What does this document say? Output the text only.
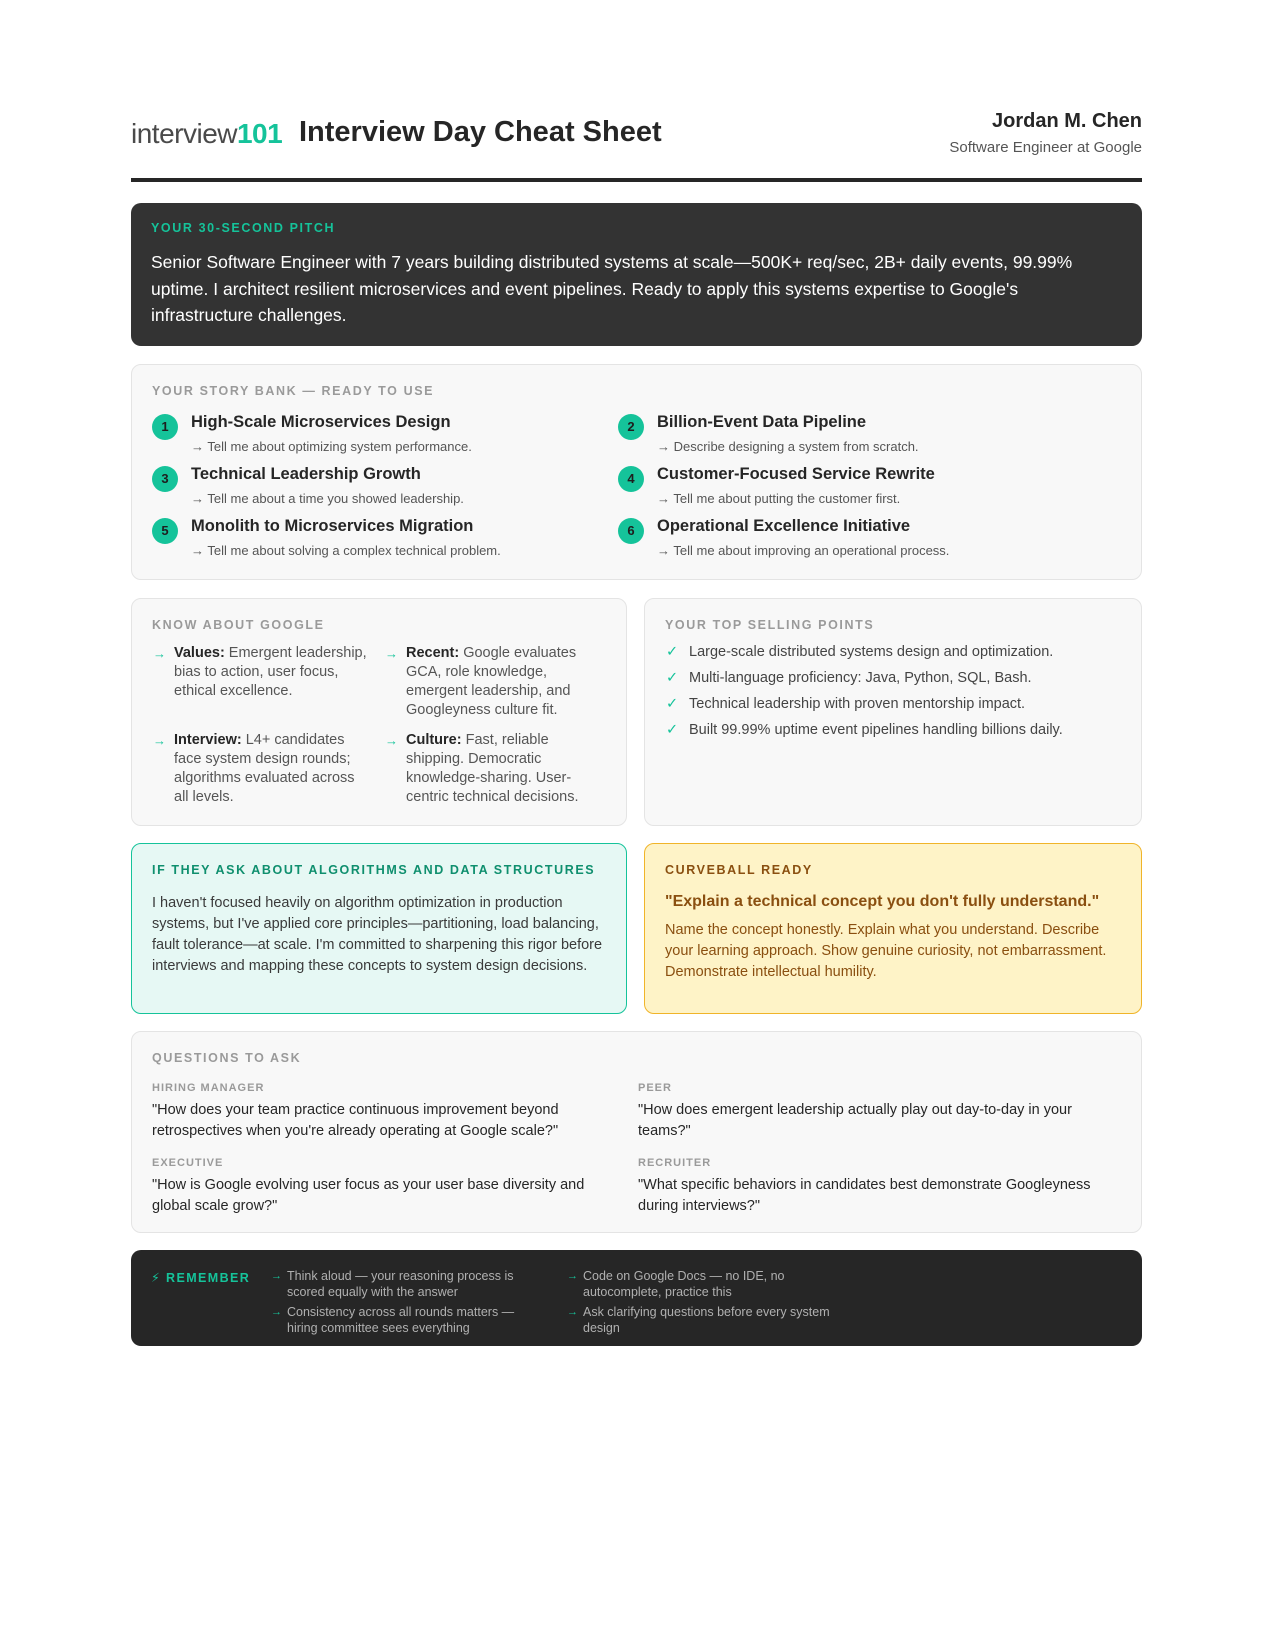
interview101 Interview Day Cheat Sheet	Jordan M. Chen
Software Engineer at Google
YOUR 30-SECOND PITCH
Senior Software Engineer with 7 years building distributed systems at scale—500K+ req/sec, 2B+ daily events, 99.99% uptime. I architect resilient microservices and event pipelines. Ready to apply this systems expertise to Google's infrastructure challenges.
YOUR STORY BANK — READY TO USE
1	High-Scale Microservices Design
→ Tell me about optimizing system performance.
2	Billion-Event Data Pipeline
→ Describe designing a system from scratch.
3	Technical Leadership Growth
→ Tell me about a time you showed leadership.
4	Customer-Focused Service Rewrite
→ Tell me about putting the customer first.
5	Monolith to Microservices Migration
→ Tell me about solving a complex technical problem.
6	Operational Excellence Initiative
→ Tell me about improving an operational process.
KNOW ABOUT GOOGLE
→ Values: Emergent leadership, bias to action, user focus, ethical excellence.
→ Recent: Google evaluates GCA, role knowledge, emergent leadership, and Googleyness culture fit.
→ Interview: L4+ candidates face system design rounds; algorithms evaluated across all levels.
→ Culture: Fast, reliable shipping. Democratic knowledge-sharing. User-centric technical decisions.
YOUR TOP SELLING POINTS
✓ Large-scale distributed systems design and optimization.
✓ Multi-language proficiency: Java, Python, SQL, Bash.
✓ Technical leadership with proven mentorship impact.
✓ Built 99.99% uptime event pipelines handling billions daily.
IF THEY ASK ABOUT ALGORITHMS AND DATA STRUCTURES
I haven't focused heavily on algorithm optimization in production systems, but I've applied core principles—partitioning, load balancing, fault tolerance—at scale. I'm committed to sharpening this rigor before interviews and mapping these concepts to system design decisions.
CURVEBALL READY
"Explain a technical concept you don't fully understand."
Name the concept honestly. Explain what you understand. Describe your learning approach. Show genuine curiosity, not embarrassment. Demonstrate intellectual humility.
QUESTIONS TO ASK
HIRING MANAGER
"How does your team practice continuous improvement beyond retrospectives when you're already operating at Google scale?"
PEER
"How does emergent leadership actually play out day-to-day in your teams?"
EXECUTIVE
"How is Google evolving user focus as your user base diversity and global scale grow?"
RECRUITER
"What specific behaviors in candidates best demonstrate Googleyness during interviews?"
⚡ REMEMBER → Think aloud — your reasoning process is scored equally with the answer
→ Code on Google Docs — no IDE, no autocomplete, practice this
→ Consistency across all rounds matters — hiring committee sees everything
→ Ask clarifying questions before every system design
